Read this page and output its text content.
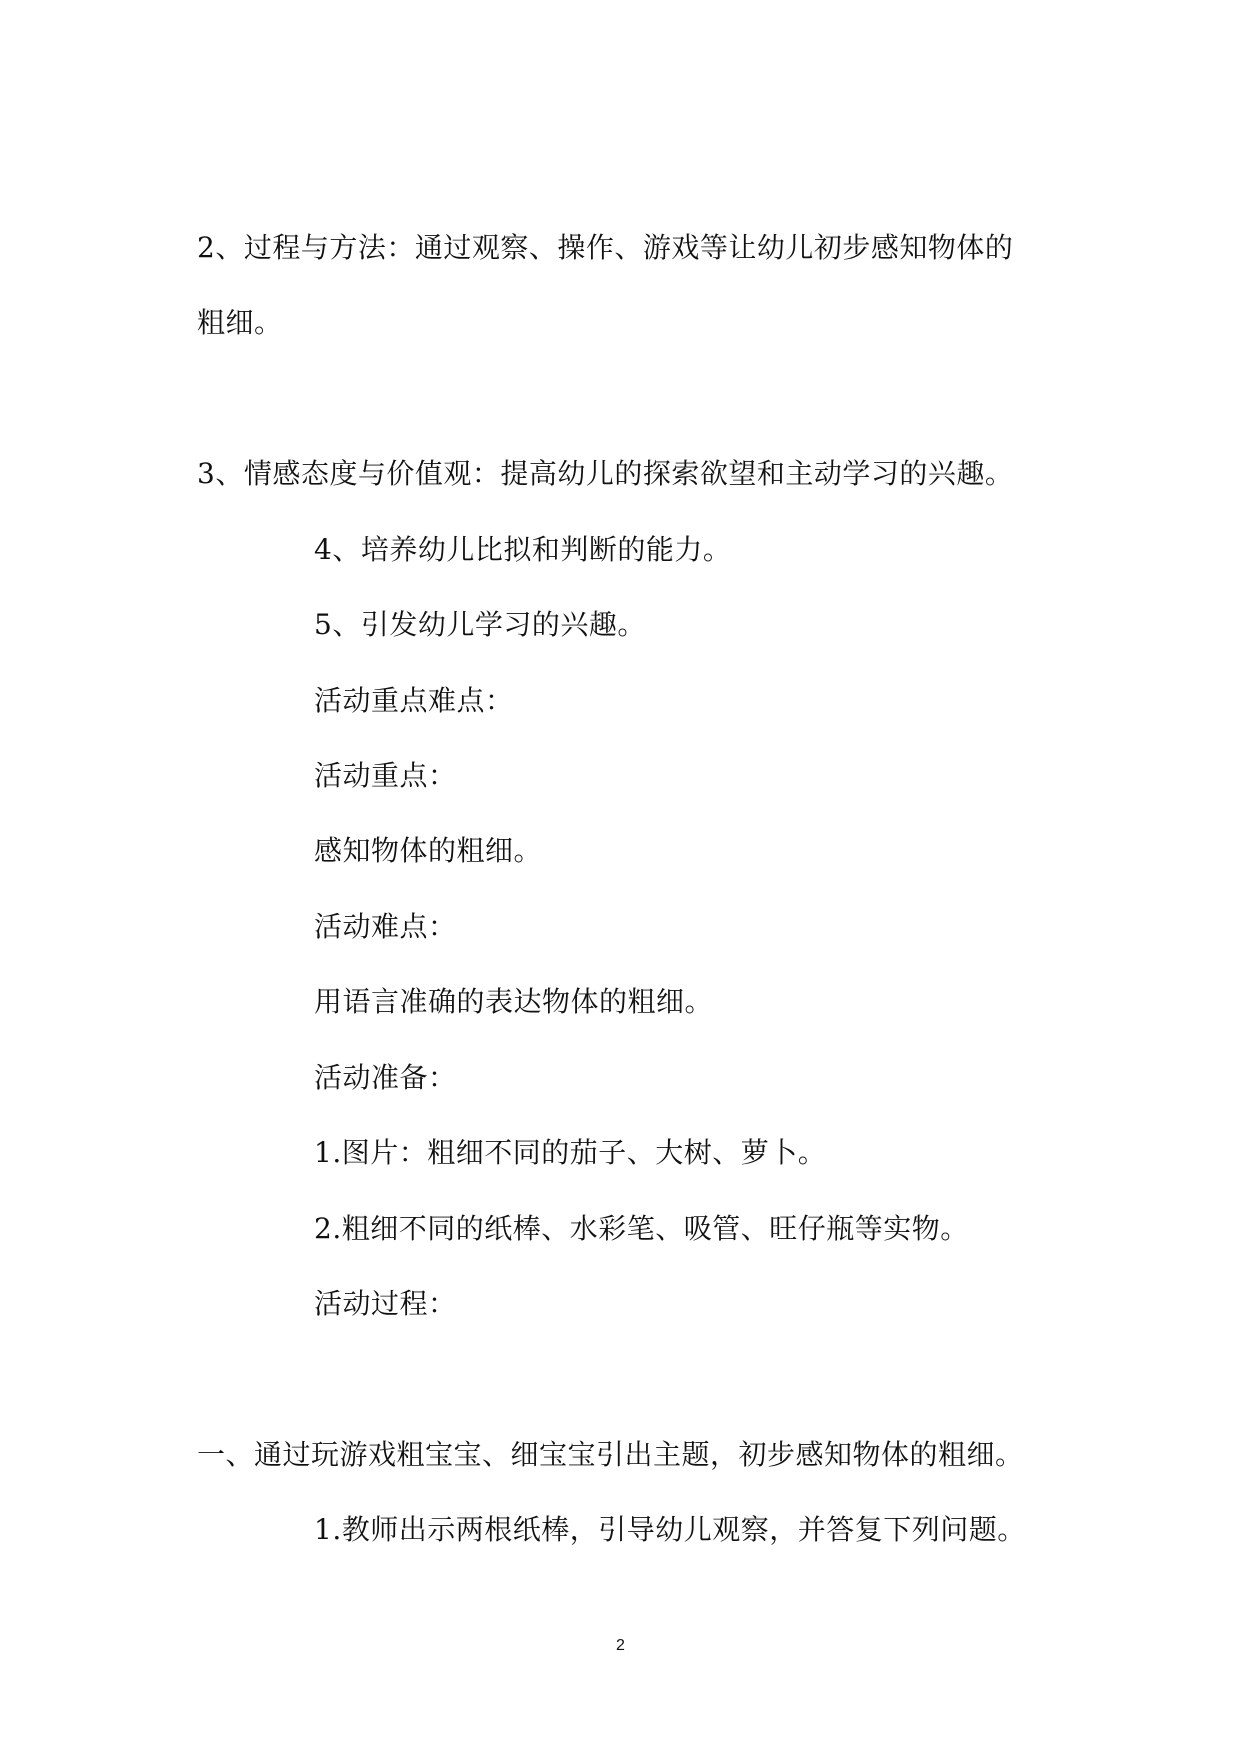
2、过程与方法：通过观察、操作、游戏等让幼儿初步感知物体的
粗细。
3、情感态度与价值观：提高幼儿的探索欲望和主动学习的兴趣。
4、培养幼儿比拟和判断的能力。
5、引发幼儿学习的兴趣。
活动重点难点：
活动重点：
感知物体的粗细。
活动难点：
用语言准确的表达物体的粗细。
活动准备：
1.图片：粗细不同的茄子、大树、萝卜。
2.粗细不同的纸棒、水彩笔、吸管、旺仔瓶等实物。
活动过程：
一、通过玩游戏粗宝宝、细宝宝引出主题，初步感知物体的粗细。
1.教师出示两根纸棒，引导幼儿观察，并答复下列问题。
2
